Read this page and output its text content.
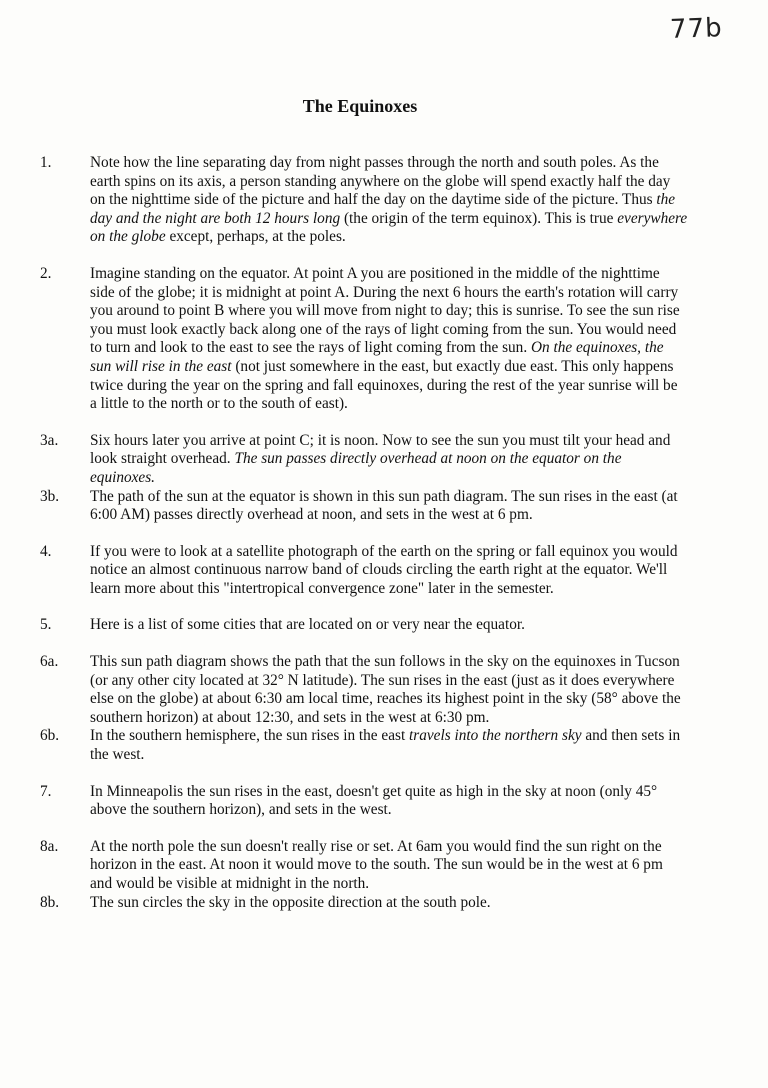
77b
The Equinoxes
1.	Note how the line separating day from night passes through the north and south poles. As the earth spins on its axis, a person standing anywhere on the globe will spend exactly half the day on the nighttime side of the picture and half the day on the daytime side of the picture. Thus the day and the night are both 12 hours long (the origin of the term equinox). This is true everywhere on the globe except, perhaps, at the poles.
2.	Imagine standing on the equator. At point A you are positioned in the middle of the nighttime side of the globe; it is midnight at point A. During the next 6 hours the earth's rotation will carry you around to point B where you will move from night to day; this is sunrise. To see the sun rise you must look exactly back along one of the rays of light coming from the sun. You would need to turn and look to the east to see the rays of light coming from the sun. On the equinoxes, the sun will rise in the east (not just somewhere in the east, but exactly due east. This only happens twice during the year on the spring and fall equinoxes, during the rest of the year sunrise will be a little to the north or to the south of east).
3a.	Six hours later you arrive at point C; it is noon. Now to see the sun you must tilt your head and look straight overhead. The sun passes directly overhead at noon on the equator on the equinoxes.
3b.	The path of the sun at the equator is shown in this sun path diagram. The sun rises in the east (at 6:00 AM) passes directly overhead at noon, and sets in the west at 6 pm.
4.	If you were to look at a satellite photograph of the earth on the spring or fall equinox you would notice an almost continuous narrow band of clouds circling the earth right at the equator. We'll learn more about this "intertropical convergence zone" later in the semester.
5.	Here is a list of some cities that are located on or very near the equator.
6a.	This sun path diagram shows the path that the sun follows in the sky on the equinoxes in Tucson (or any other city located at 32° N latitude). The sun rises in the east (just as it does everywhere else on the globe) at about 6:30 am local time, reaches its highest point in the sky (58° above the southern horizon) at about 12:30, and sets in the west at 6:30 pm.
6b.	In the southern hemisphere, the sun rises in the east travels into the northern sky and then sets in the west.
7.	In Minneapolis the sun rises in the east, doesn't get quite as high in the sky at noon (only 45° above the southern horizon), and sets in the west.
8a.	At the north pole the sun doesn't really rise or set. At 6am you would find the sun right on the horizon in the east. At noon it would move to the south. The sun would be in the west at 6 pm and would be visible at midnight in the north.
8b.	The sun circles the sky in the opposite direction at the south pole.
